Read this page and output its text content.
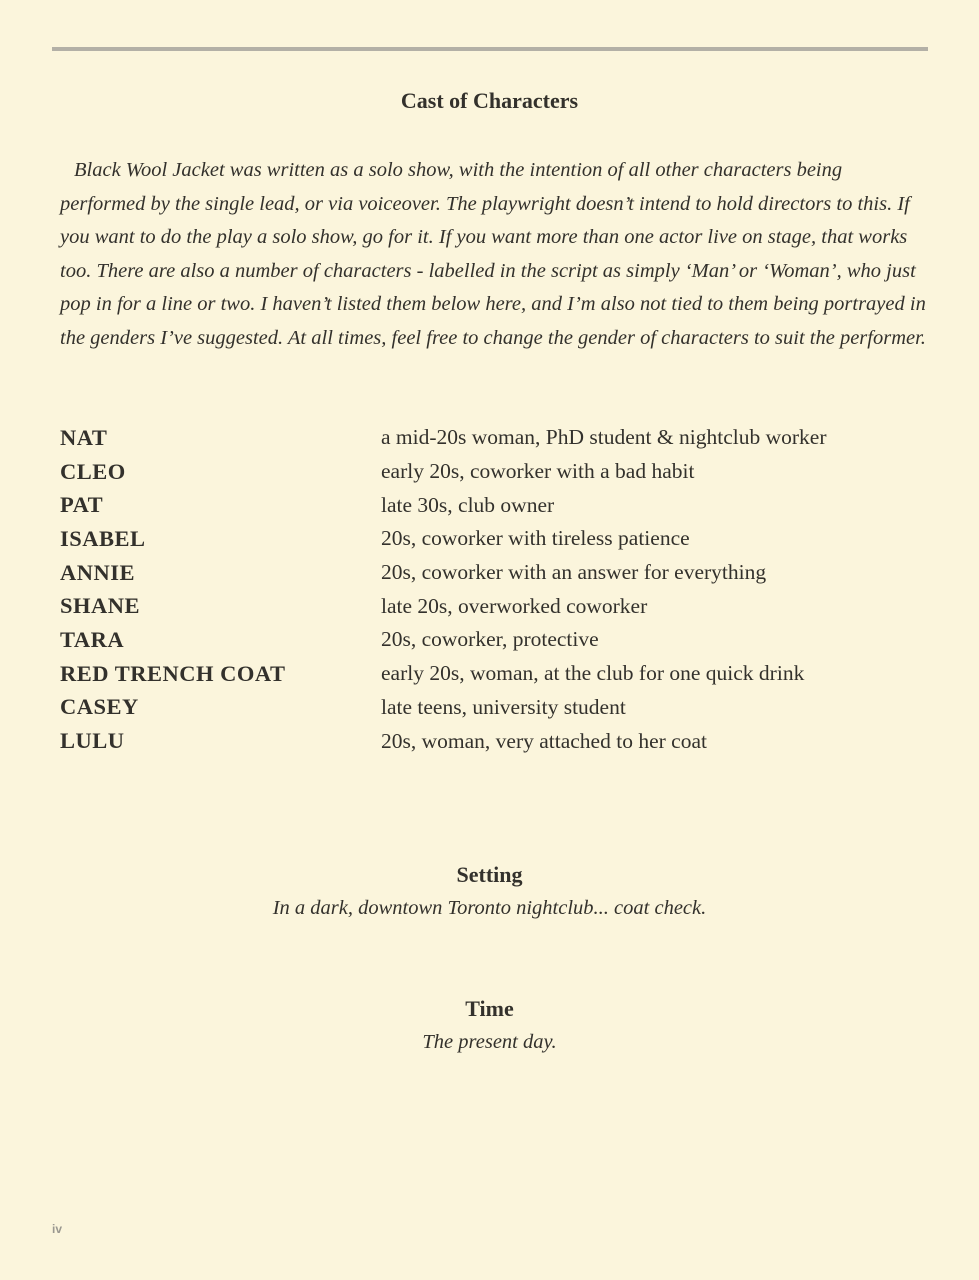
Cast of Characters

Black Wool Jacket was written as a solo show, with the intention of all other characters being performed by the single lead, or via voiceover. The playwright doesn’t intend to hold directors to this. If you want to do the play a solo show, go for it. If you want more than one actor live on stage, that works too. There are also a number of characters - labelled in the script as simply ‘Man’ or ‘Woman’, who just pop in for a line or two. I haven’t listed them below here, and I’m also not tied to them being portrayed in the genders I’ve suggested. At all times, feel free to change the gender of characters to suit the performer.

NAT	a mid-20s woman, PhD student & nightclub worker
CLEO	early 20s, coworker with a bad habit
PAT	late 30s, club owner
ISABEL	20s, coworker with tireless patience
ANNIE	20s, coworker with an answer for everything
SHANE	late 20s, overworked coworker
TARA	20s, coworker, protective
RED TRENCH COAT	early 20s, woman, at the club for one quick drink
CASEY	late teens, university student
LULU	20s, woman, very attached to her coat
Setting
In a dark, downtown Toronto nightclub... coat check.
Time
The present day.
iv
